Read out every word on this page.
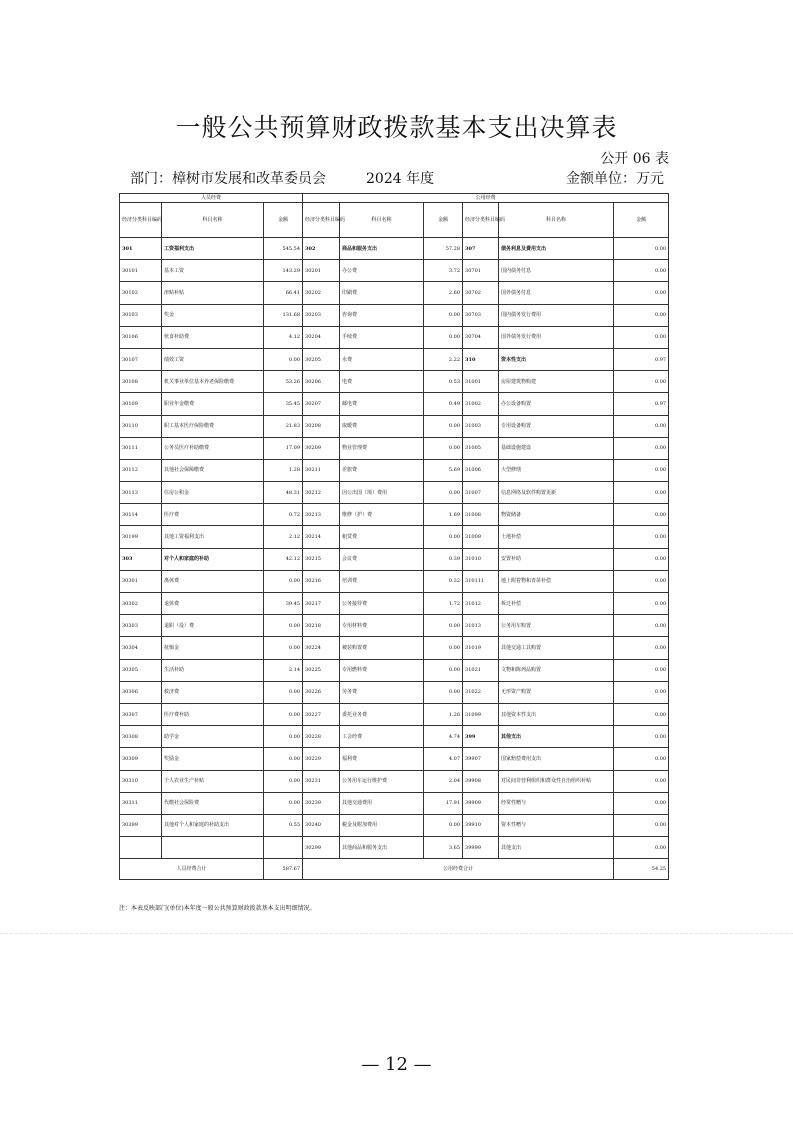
一般公共预算财政拨款基本支出决算表
公开 06 表
部门：樟树市发展和改革委员会	2024 年度	金额单位：万元
人员经费			公用经费					
经济分类科目编码	科目名称	金额	经济分类科目编码	科目名称	金额	经济分类科目编码	科目名称	金额
301	工资福利支出	545.54	302	商品和服务支出	57.28	307	债务利息及费用支出	0.00
30101	基本工资	143.29	30201	办公费	3.72	30701	国内债务付息	0.00
30102	津贴补贴	66.41	30202	印刷费	2.60	30702	国外债务付息	0.00
30103	奖金	131.68	30203	咨询费	0.00	30703	国内债务发行费用	0.00
30106	伙食补助费	4.12	30204	手续费	0.00	30704	国外债务发行费用	0.00
30107	绩效工资	0.00	30205	水费	2.22	310	资本性支出	0.97
30108	机关事业单位基本养老保险缴费	53.26	30206	电费	0.53	31001	房屋建筑物购建	0.00
30109	职业年金缴费	35.45	30207	邮电费	0.49	31002	办公设备购置	0.97
30110	职工基本医疗保险缴费	21.83	30208	取暖费	0.00	31003	专用设备购置	0.00
30111	公务员医疗补助缴费	17.09	30209	物业管理费	0.00	31005	基础设施建设	0.00
30112	其他社会保障缴费	1.28	30211	差旅费	5.69	31006	大型修缮	0.00
30113	住房公积金	48.31	30212	因公出国（境）费用	0.00	31007	信息网络及软件购置更新	0.00
30114	医疗费	0.72	30213	维修（护）费	1.69	31008	物资储备	0.00
30199	其他工资福利支出	2.12	30214	租赁费	0.00	31009	土地补偿	0.00
303	对个人和家庭的补助	42.12	30215	会议费	0.39	31010	安置补助	0.00
30301	离休费	0.00	30216	培训费	0.32	310111	地上附着物和青苗补偿	0.00
30302	退休费	39.45	30217	公务接待费	1.72	31012	拆迁补偿	0.00
30303	退职（役）费	0.00	30218	专用材料费	0.00	31013	公务用车购置	0.00
30304	抚恤金	0.00	30224	被装购置费	0.00	31019	其他交通工具购置	0.00
30305	生活补助	2.14	30225	专用燃料费	0.00	31021	文物和陈列品购置	0.00
30306	救济费	0.00	30226	劳务费	0.00	31022	无形资产购置	0.00
30307	医疗费补助	0.00	30227	委托业务费	1.26	31099	其他资本性支出	0.00
30308	助学金	0.00	30228	工会经费	4.74	399	其他支出	0.00
30309	奖励金	0.00	30229	福利费	4.07	39907	国家赔偿费用支出	0.00
30310	个人农业生产补贴	0.00	30231	公务用车运行维护费	2.04	39908	对民间非营利组织和群众性自治组织补贴	0.00
30311	代缴社会保险费	0.00	30239	其他交通费用	17.91	39909	经常性赠与	0.00
30399	其他对个人和家庭的补助支出	0.55	30240	税金及附加费用	0.00	39910	资本性赠与	0.00
			30299	其他商品和服务支出	3.65	39999	其他支出	0.00
人员经费合计		587.67	公用经费合计					54.25
注：本表反映部门(单位)本年度一般公共预算财政拨款基本支出明细情况。
— 12 —
